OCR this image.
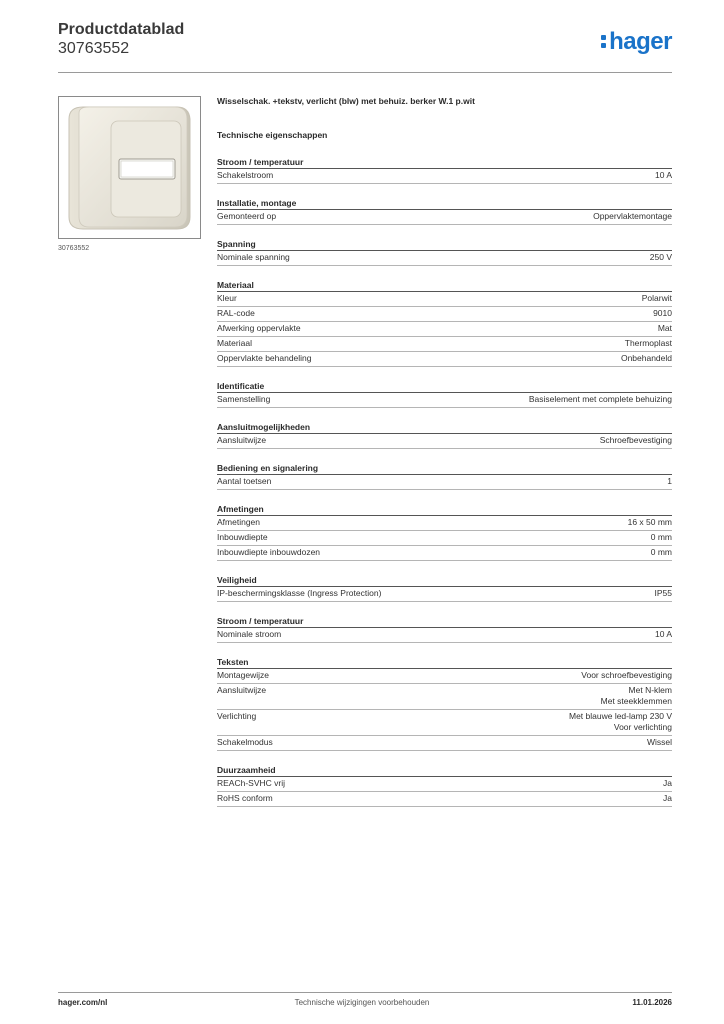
Productdatablad
30763552	hager
30763552
Wisselschak. +tekstv, verlicht (blw) met behuiz. berker W.1 p.wit
Technische eigenschappen
Stroom / temperatuur
Schakelstroom	10 A
Installatie, montage
Gemonteerd op	Oppervlaktemontage
Spanning
Nominale spanning	250 V
Materiaal
Kleur	Polarwit
RAL-code	9010
Afwerking oppervlakte	Mat
Materiaal	Thermoplast
Oppervlakte behandeling	Onbehandeld
Identificatie
Samenstelling	Basiselement met complete behuizing
Aansluitmogelijkheden
Aansluitwijze	Schroefbevestiging
Bediening en signalering
Aantal toetsen	1
Afmetingen
Afmetingen	16 x 50 mm
Inbouwdiepte	0 mm
Inbouwdiepte inbouwdozen	0 mm
Veiligheid
IP-beschermingsklasse (Ingress Protection)	IP55
Stroom / temperatuur
Nominale stroom	10 A
Teksten
Montagewijze	Voor schroefbevestiging
Aansluitwijze	Met N-klem
Met steekklemmen
Verlichting	Met blauwe led-lamp 230 V
Voor verlichting
Schakelmodus	Wissel
Duurzaamheid
REACh-SVHC vrij	Ja
RoHS conform	Ja
hager.com/nl	Technische wijzigingen voorbehouden	11.01.2026
